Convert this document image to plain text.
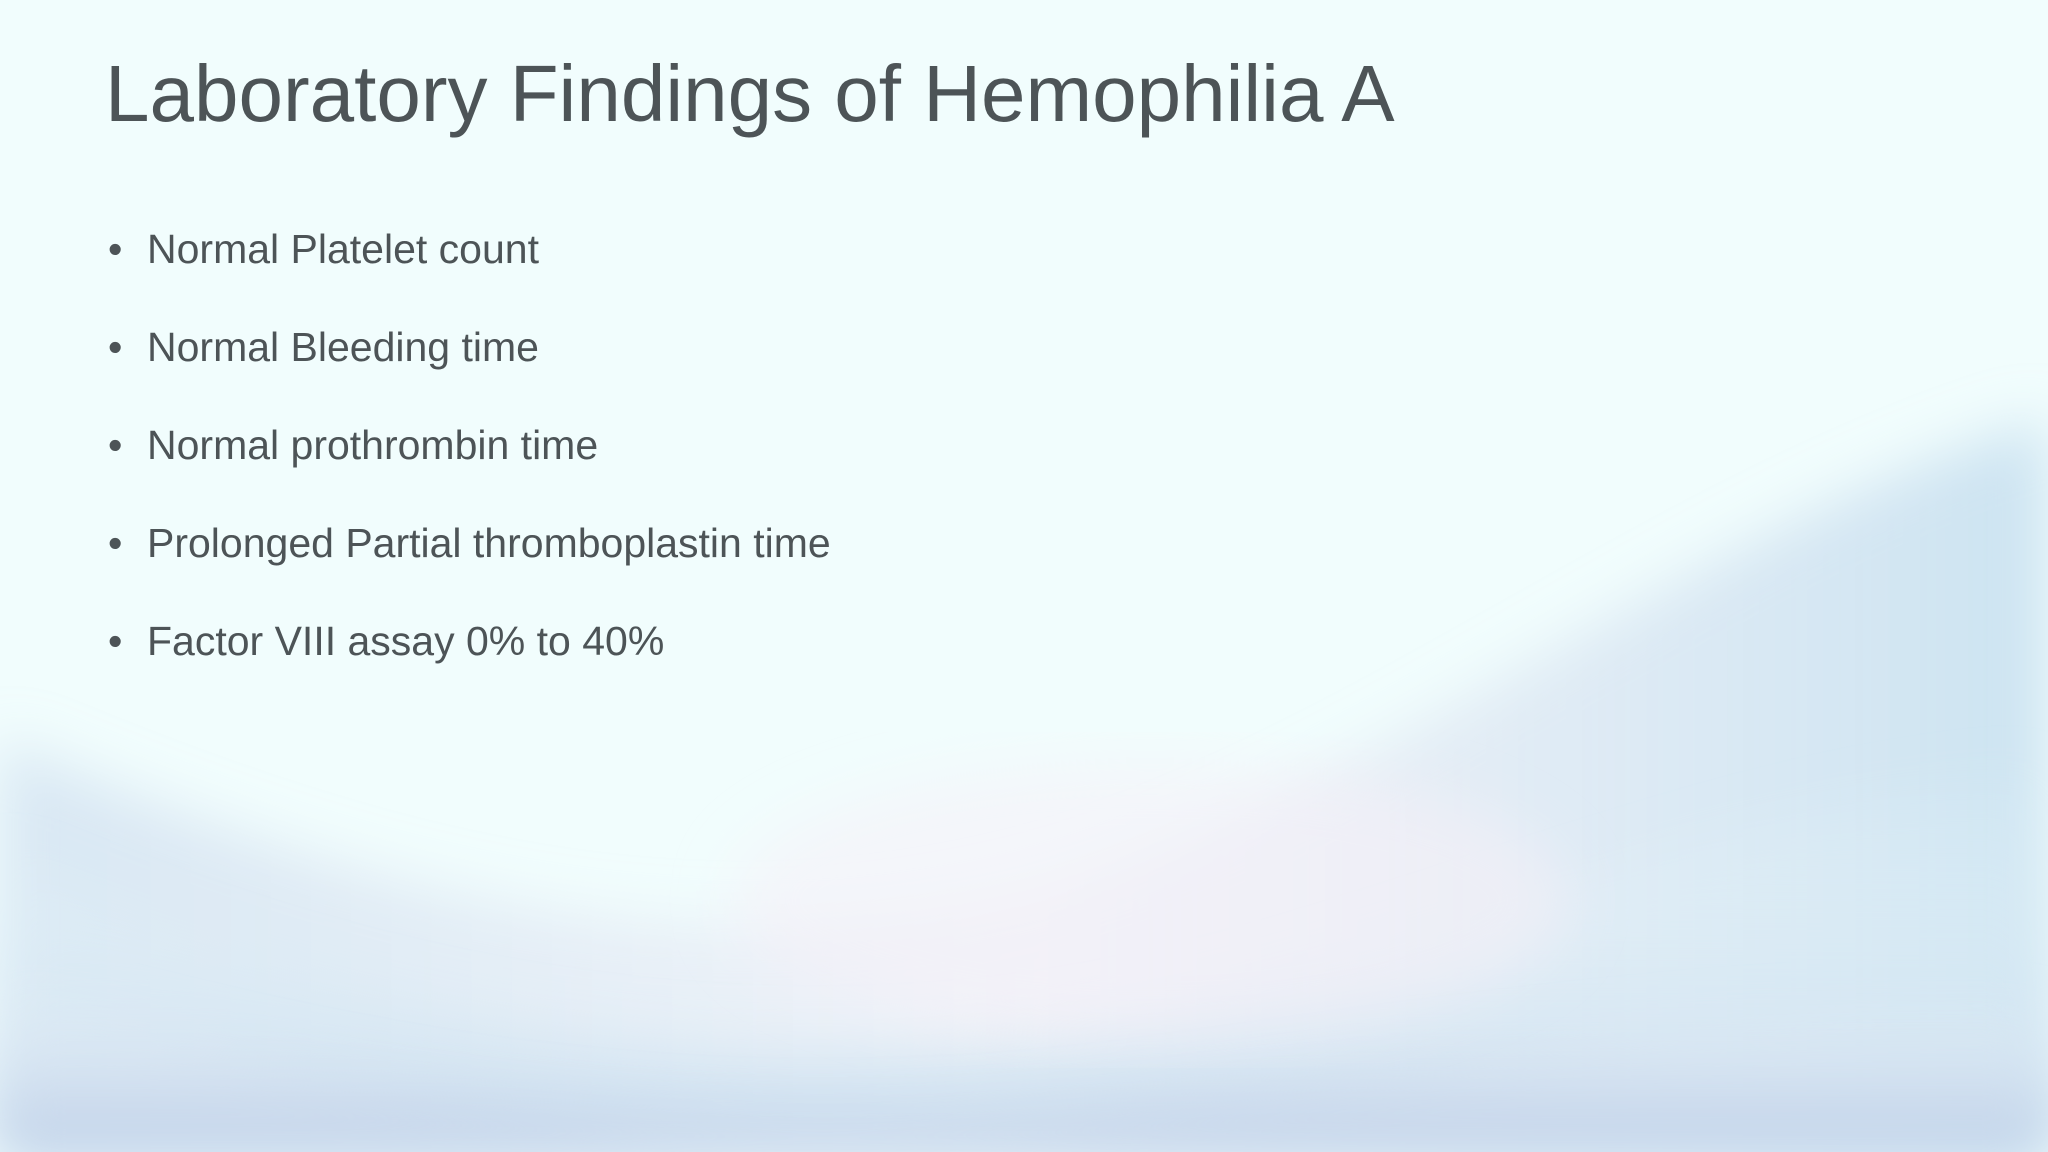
Laboratory Findings of Hemophilia A
• Normal Platelet count
• Normal Bleeding time
• Normal prothrombin time
• Prolonged Partial thromboplastin time
• Factor VIII assay 0% to 40%
